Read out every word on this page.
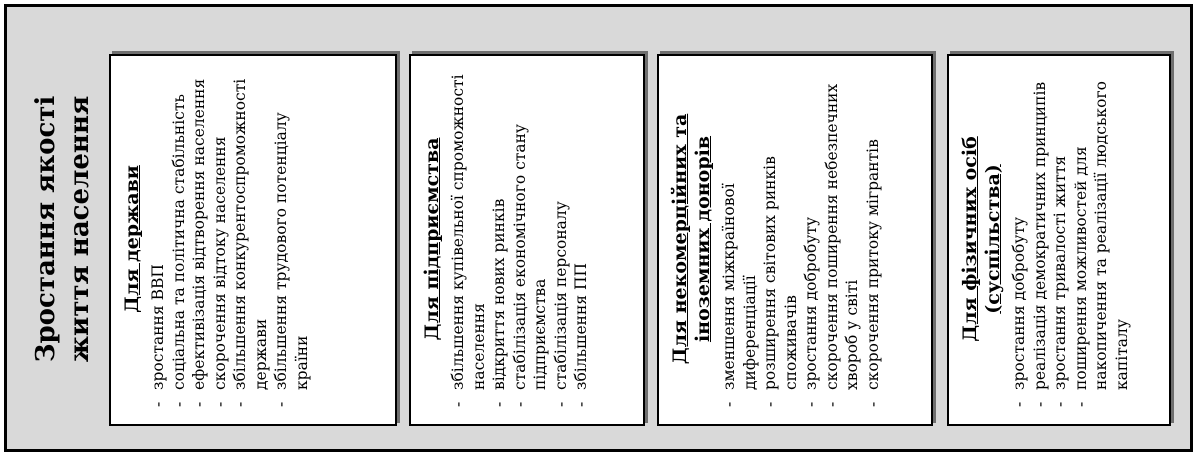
Зростання якості життя населення Для держави
- зростання ВВП - соціальна та політична стабільність - ефективізація відтворення населення - скорочення відтоку населення - збільшення конкурентоспроможності держави - збільшення трудового потенціалу країни
Для підприємства - збільшення купівельної спроможності населення - відкриття нових ринків - стабілізація економічного стану підприємства - стабілізація персоналу - збільшення ПП	Для некомерційних та іноземних донорів - зменшення міжкраїнової диференціації - розширення світових ринків споживачів - зростання добробуту - скорочення поширення небезпечних хвороб у світі - скорочення притоку мігрантів	Для фізичних осіб (суспільства) - зростання добробуту - реалізація демократичних принципів - зростання тривалості життя - поширення можливостей для накопичення та реалізації людського капіталу
